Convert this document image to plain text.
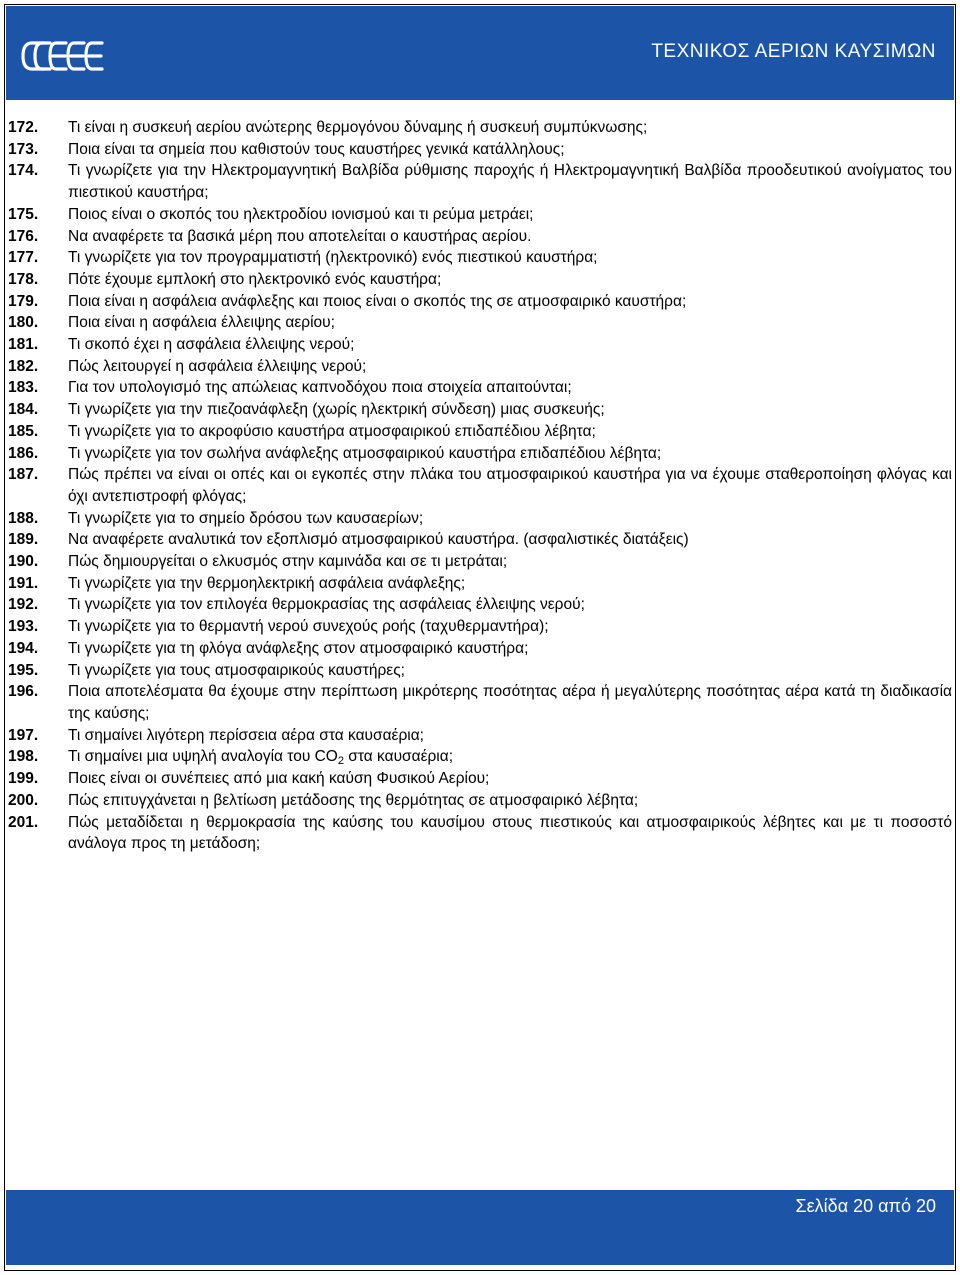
ΤΕΧΝΙΚΟΣ ΑΕΡΙΩΝ ΚΑΥΣΙΜΩΝ
172.	Τι είναι η συσκευή αερίου ανώτερης θερμογόνου δύναμης ή συσκευή συμπύκνωσης;
173.	Ποια είναι τα σημεία που καθιστούν τους καυστήρες γενικά κατάλληλους;
174.	Τι γνωρίζετε για την Ηλεκτρομαγνητική Βαλβίδα ρύθμισης παροχής ή Ηλεκτρομαγνητική Βαλβίδα προοδευτικού ανοίγματος του πιεστικού καυστήρα;
175.	Ποιος είναι ο σκοπός του ηλεκτροδίου ιονισμού και τι ρεύμα μετράει;
176.	Να αναφέρετε τα βασικά μέρη που αποτελείται ο καυστήρας αερίου.
177.	Τι γνωρίζετε για τον προγραμματιστή (ηλεκτρονικό) ενός πιεστικού καυστήρα;
178.	Πότε έχουμε εμπλοκή στο ηλεκτρονικό ενός καυστήρα;
179.	Ποια είναι η ασφάλεια ανάφλεξης και ποιος είναι ο σκοπός της σε ατμοσφαιρικό καυστήρα;
180.	Ποια είναι η ασφάλεια έλλειψης αερίου;
181.	Τι σκοπό έχει η ασφάλεια έλλειψης νερού;
182.	Πώς λειτουργεί η ασφάλεια έλλειψης νερού;
183.	Για τον υπολογισμό της απώλειας καπνοδόχου ποια στοιχεία απαιτούνται;
184.	Τι γνωρίζετε για την πιεζοανάφλεξη (χωρίς ηλεκτρική σύνδεση) μιας συσκευής;
185.	Τι γνωρίζετε για το ακροφύσιο καυστήρα ατμοσφαιρικού επιδαπέδιου λέβητα;
186.	Τι γνωρίζετε για τον σωλήνα ανάφλεξης ατμοσφαιρικού καυστήρα επιδαπέδιου λέβητα;
187.	Πώς πρέπει να είναι οι οπές και οι εγκοπές στην πλάκα του ατμοσφαιρικού καυστήρα για να έχουμε σταθεροποίηση φλόγας και όχι αντεπιστροφή φλόγας;
188.	Τι γνωρίζετε για το σημείο δρόσου των καυσαερίων;
189.	Να αναφέρετε αναλυτικά τον εξοπλισμό ατμοσφαιρικού καυστήρα. (ασφαλιστικές διατάξεις)
190.	Πώς δημιουργείται ο ελκυσμός στην καμινάδα και σε τι μετράται;
191.	Τι γνωρίζετε για την θερμοηλεκτρική ασφάλεια ανάφλεξης;
192.	Τι γνωρίζετε για τον επιλογέα θερμοκρασίας της ασφάλειας έλλειψης νερού;
193.	Τι γνωρίζετε για το θερμαντή νερού συνεχούς ροής (ταχυθερμαντήρα);
194.	Τι γνωρίζετε για τη φλόγα ανάφλεξης στον ατμοσφαιρικό καυστήρα;
195.	Τι γνωρίζετε για τους ατμοσφαιρικούς καυστήρες;
196.	Ποια αποτελέσματα θα έχουμε στην περίπτωση μικρότερης ποσότητας αέρα ή μεγαλύτερης ποσότητας αέρα κατά τη διαδικασία της καύσης;
197.	Τι σημαίνει λιγότερη περίσσεια αέρα στα καυσαέρια;
198.	Τι σημαίνει μια υψηλή αναλογία του $CO_2$ στα καυσαέρια;
199.	Ποιες είναι οι συνέπειες από μια κακή καύση Φυσικού Αερίου;
200.	Πώς επιτυγχάνεται η βελτίωση μετάδοσης της θερμότητας σε ατμοσφαιρικό λέβητα;
201.	Πώς μεταδίδεται η θερμοκρασία της καύσης του καυσίμου στους πιεστικούς και ατμοσφαιρικούς λέβητες και με τι ποσοστό ανάλογα προς τη μετάδοση;
Σελίδα 20 από 20
